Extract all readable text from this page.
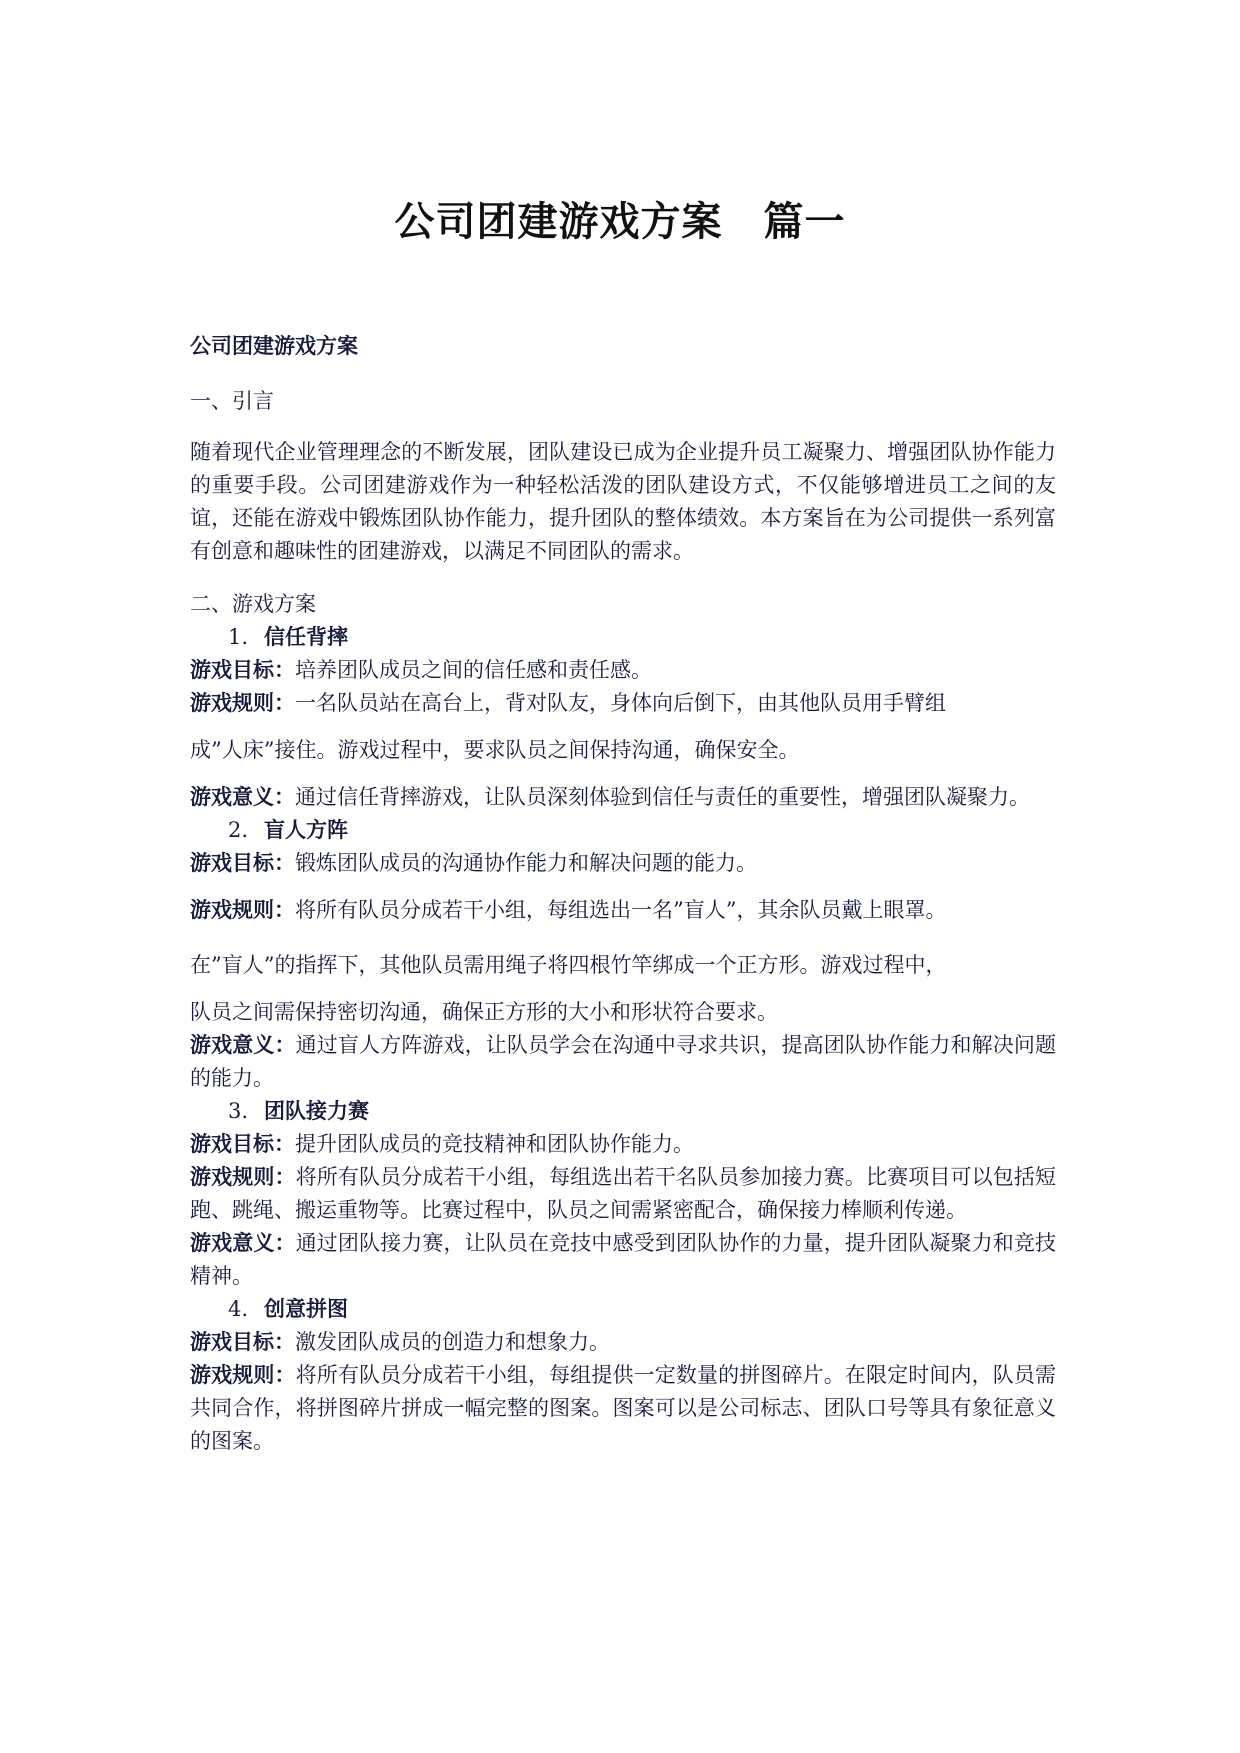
公司团建游戏方案　篇一
公司团建游戏方案
一、引言
随着现代企业管理理念的不断发展，团队建设已成为企业提升员工凝聚力、增强团队协作能力的重要手段。公司团建游戏作为一种轻松活泼的团队建设方式，不仅能够增进员工之间的友谊，还能在游戏中锻炼团队协作能力，提升团队的整体绩效。本方案旨在为公司提供一系列富有创意和趣味性的团建游戏，以满足不同团队的需求。
二、游戏方案
1. 信任背摔
游戏目标：培养团队成员之间的信任感和责任感。
游戏规则：一名队员站在高台上，背对队友，身体向后倒下，由其他队员用手臂组
成”人床”接住。游戏过程中，要求队员之间保持沟通，确保安全。
游戏意义：通过信任背摔游戏，让队员深刻体验到信任与责任的重要性，增强团队凝聚力。
2. 盲人方阵
游戏目标：锻炼团队成员的沟通协作能力和解决问题的能力。
游戏规则：将所有队员分成若干小组，每组选出一名”盲人”，其余队员戴上眼罩。
在”盲人”的指挥下，其他队员需用绳子将四根竹竿绑成一个正方形。游戏过程中，
队员之间需保持密切沟通，确保正方形的大小和形状符合要求。
游戏意义：通过盲人方阵游戏，让队员学会在沟通中寻求共识，提高团队协作能力和解决问题的能力。
3. 团队接力赛
游戏目标：提升团队成员的竞技精神和团队协作能力。
游戏规则：将所有队员分成若干小组，每组选出若干名队员参加接力赛。比赛项目可以包括短跑、跳绳、搬运重物等。比赛过程中，队员之间需紧密配合，确保接力棒顺利传递。
游戏意义：通过团队接力赛，让队员在竞技中感受到团队协作的力量，提升团队凝聚力和竞技精神。
4. 创意拼图
游戏目标：激发团队成员的创造力和想象力。
游戏规则：将所有队员分成若干小组，每组提供一定数量的拼图碎片。在限定时间内，队员需共同合作，将拼图碎片拼成一幅完整的图案。图案可以是公司标志、团队口号等具有象征意义的图案。
